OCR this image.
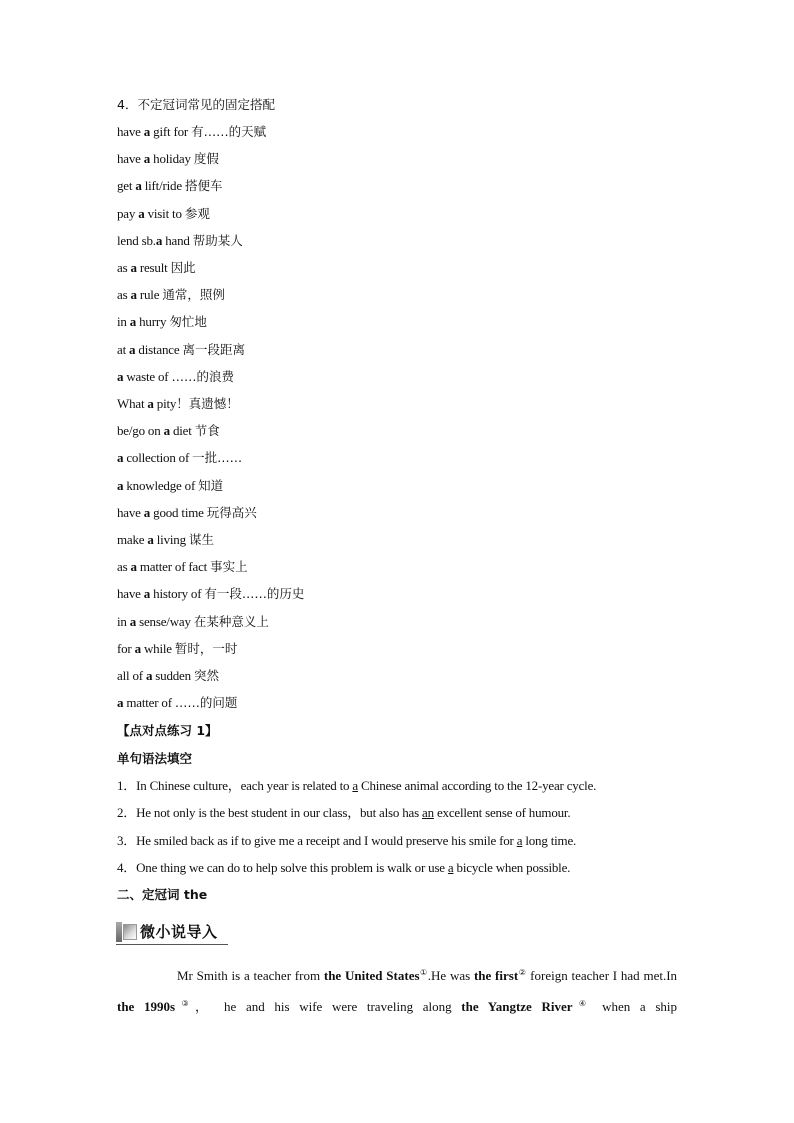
4．不定冠词常见的固定搭配
have a gift for 有……的天赋
have a holiday 度假
get a lift/ride 搭便车
pay a visit to 参观
lend sb.a hand 帮助某人
as a result 因此
as a rule 通常，照例
in a hurry 匆忙地
at a distance 离一段距离
a waste of ……的浪费
What a pity！真遗憾！
be/go on a diet 节食
a collection of 一批……
a knowledge of 知道
have a good time 玩得高兴
make a living 谋生
as a matter of fact 事实上
have a history of 有一段……的历史
in a sense/way 在某种意义上
for a while 暂时，一时
all of a sudden 突然
a matter of ……的问题
【点对点练习 1】
单句语法填空
1．In Chinese culture，each year is related to a Chinese animal according to the 12-year cycle.
2．He not only is the best student in our class，but also has an excellent sense of humour.
3．He smiled back as if to give me a receipt and I would preserve his smile for a long time.
4．One thing we can do to help solve this problem is walk or use a bicycle when possible.
二、定冠词 the
微小说导入
Mr Smith is a teacher from the United States①.He was the first② foreign teacher I had met.In the 1990s③， he and his wife were traveling along the Yangtze River④ when a ship
